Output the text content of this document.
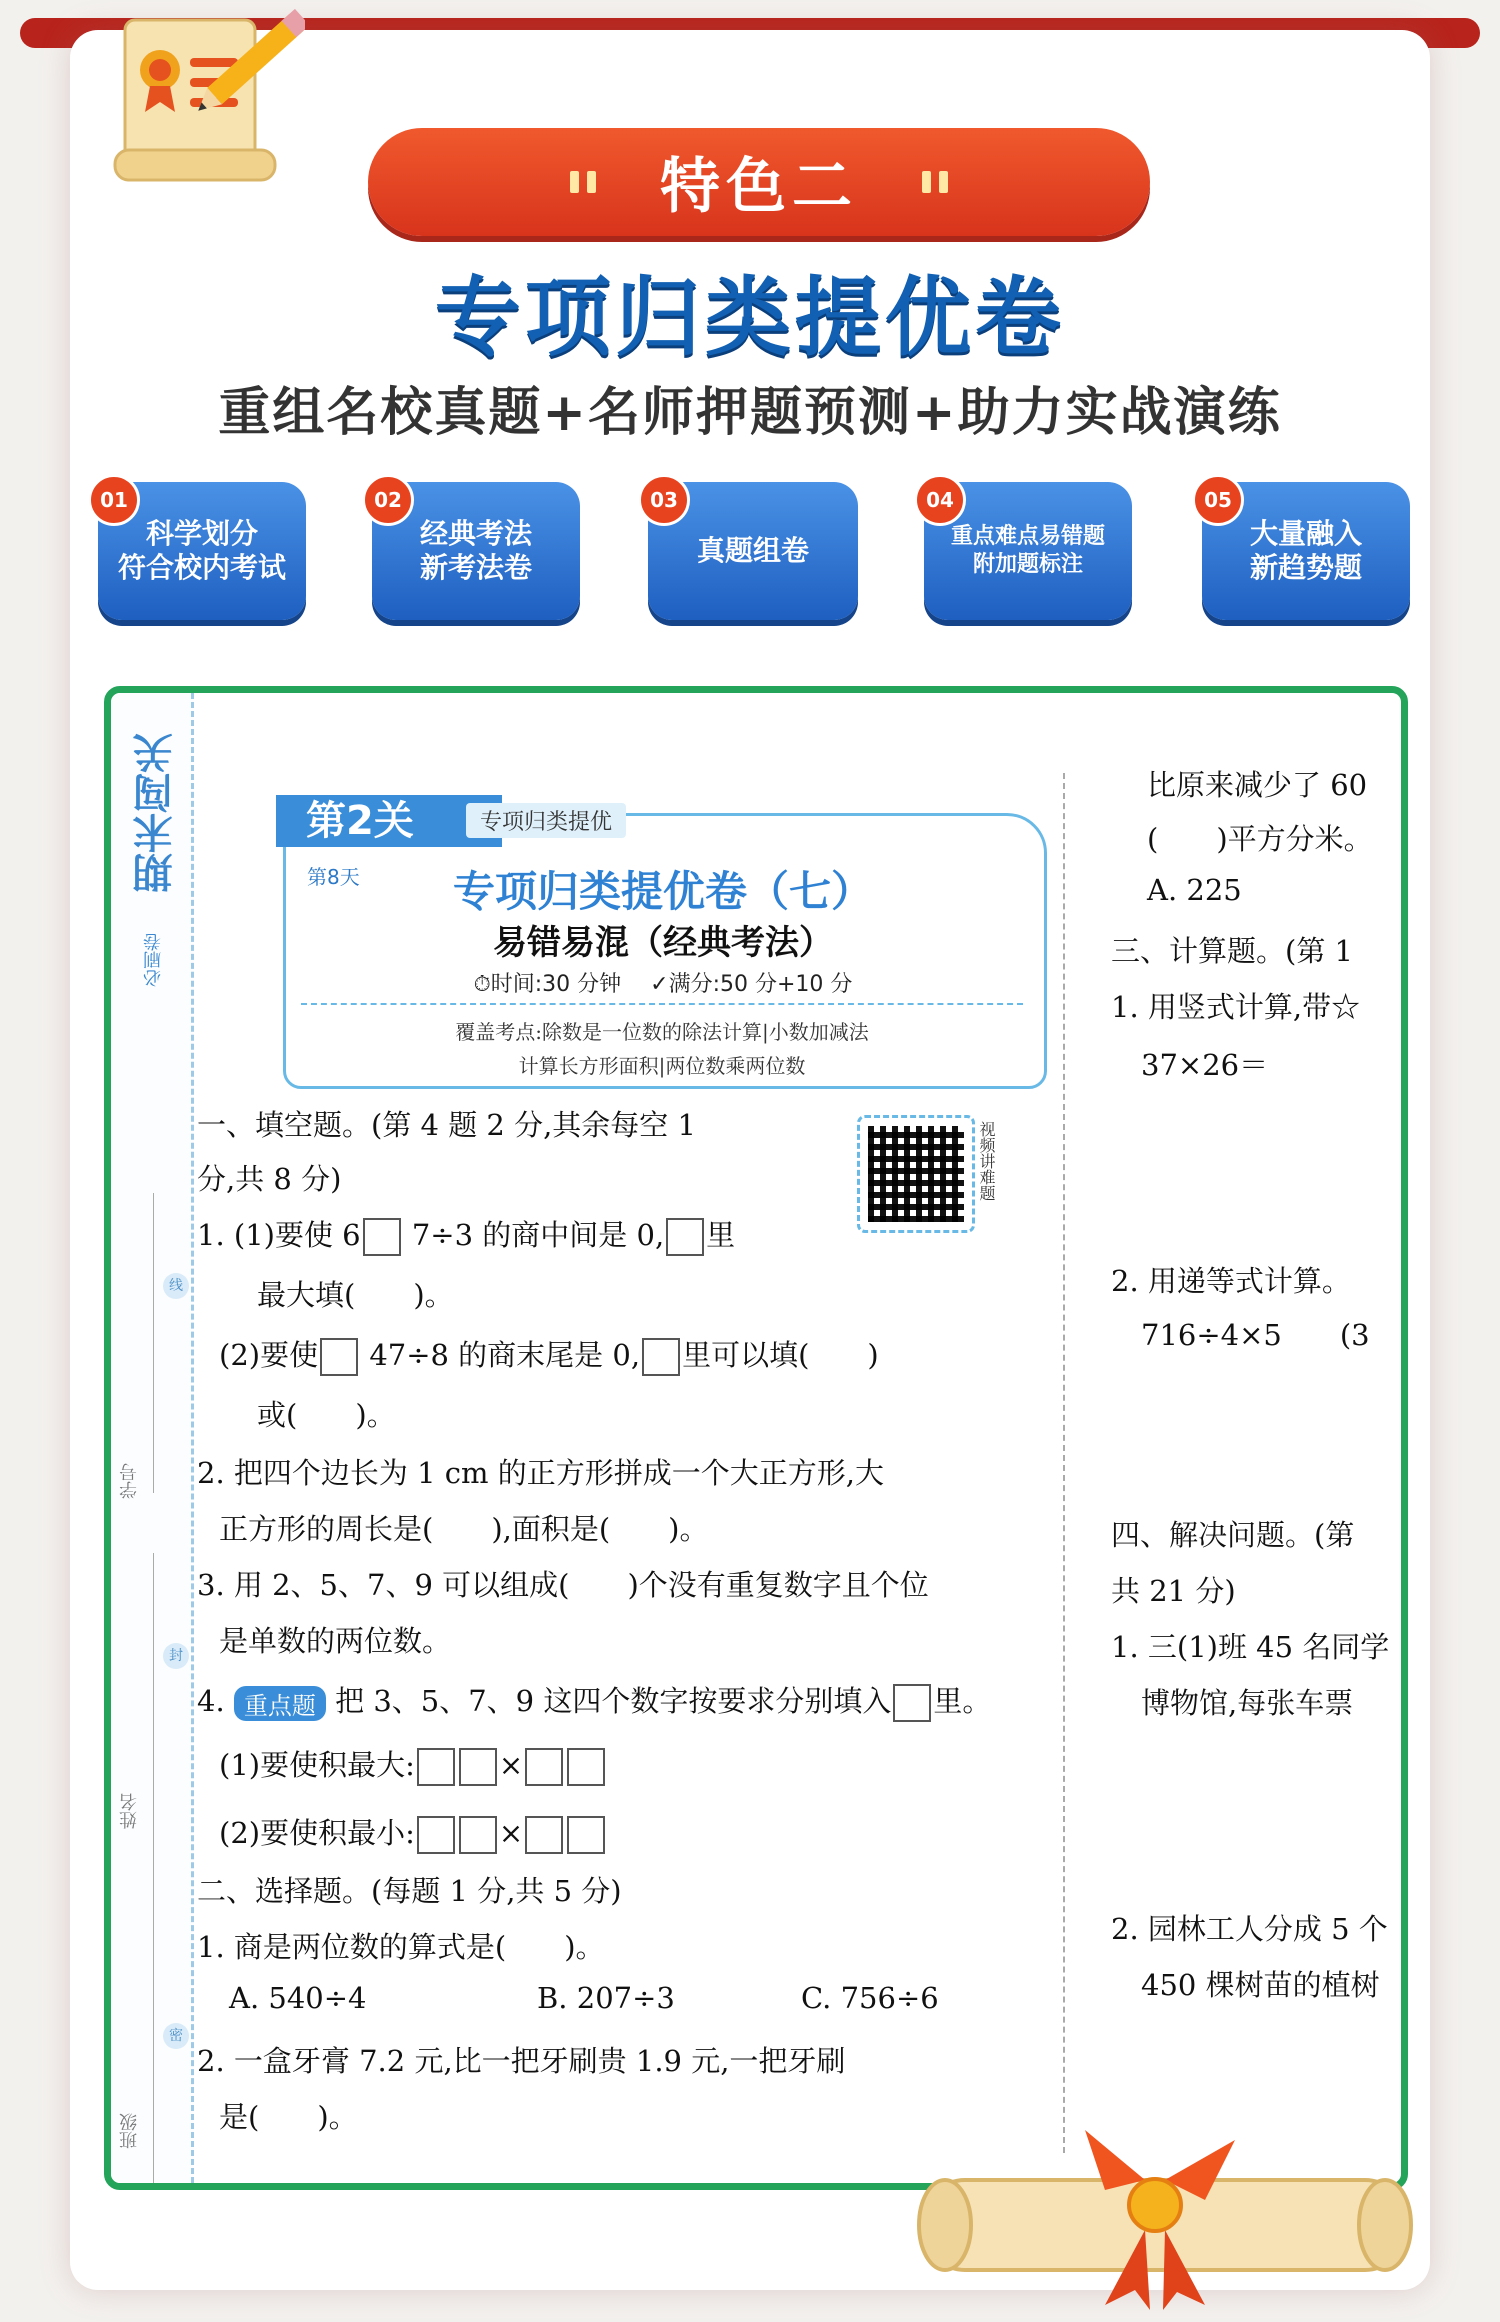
特色二
专项归类提优卷
重组名校真题+名师押题预测+助力实战演练
01
科学划分
符合校内考试
02
经典考法
新考法卷
03
真题组卷
04
重点难点易错题
附加题标注
05
大量融入
新趋势题
期末闯关
必刷卷
学号
姓名
班级
线
封
密
第2关	专项归类提优
第8天	专项归类提优卷（七）
易错易混（经典考法）
⏱时间:30 分钟　 ✓满分:50 分+10 分
覆盖考点:除数是一位数的除法计算|小数加减法
计算长方形面积|两位数乘两位数
视频讲难题
一、填空题。(第 4 题 2 分,其余每空 1
分,共 8 分)
1. (1)要使 6 7÷3 的商中间是 0, 里
最大填(　　)。
(2)要使 47÷8 的商末尾是 0, 里可以填(　　)
或(　　)。
2. 把四个边长为 1 cm 的正方形拼成一个大正方形,大
正方形的周长是(　　),面积是(　　)。
3. 用 2、5、7、9 可以组成(　　)个没有重复数字且个位
是单数的两位数。
4. 重点题 把 3、5、7、9 这四个数字按要求分别填入 里。
(1)要使积最大:	×
(2)要使积最小:	×
二、选择题。(每题 1 分,共 5 分)
1. 商是两位数的算式是(　　)。
A. 540÷4	B. 207÷3	C. 756÷6
2. 一盒牙膏 7.2 元,比一把牙刷贵 1.9 元,一把牙刷
是(　　)。
比原来减少了 60
(　　)平方分米。
A. 225
三、计算题。(第 1
1. 用竖式计算,带☆
37×26＝
2. 用递等式计算。
716÷4×5　　(3
四、解决问题。(第
共 21 分)
1. 三(1)班 45 名同学
博物馆,每张车票
2. 园林工人分成 5 个
450 棵树苗的植树
